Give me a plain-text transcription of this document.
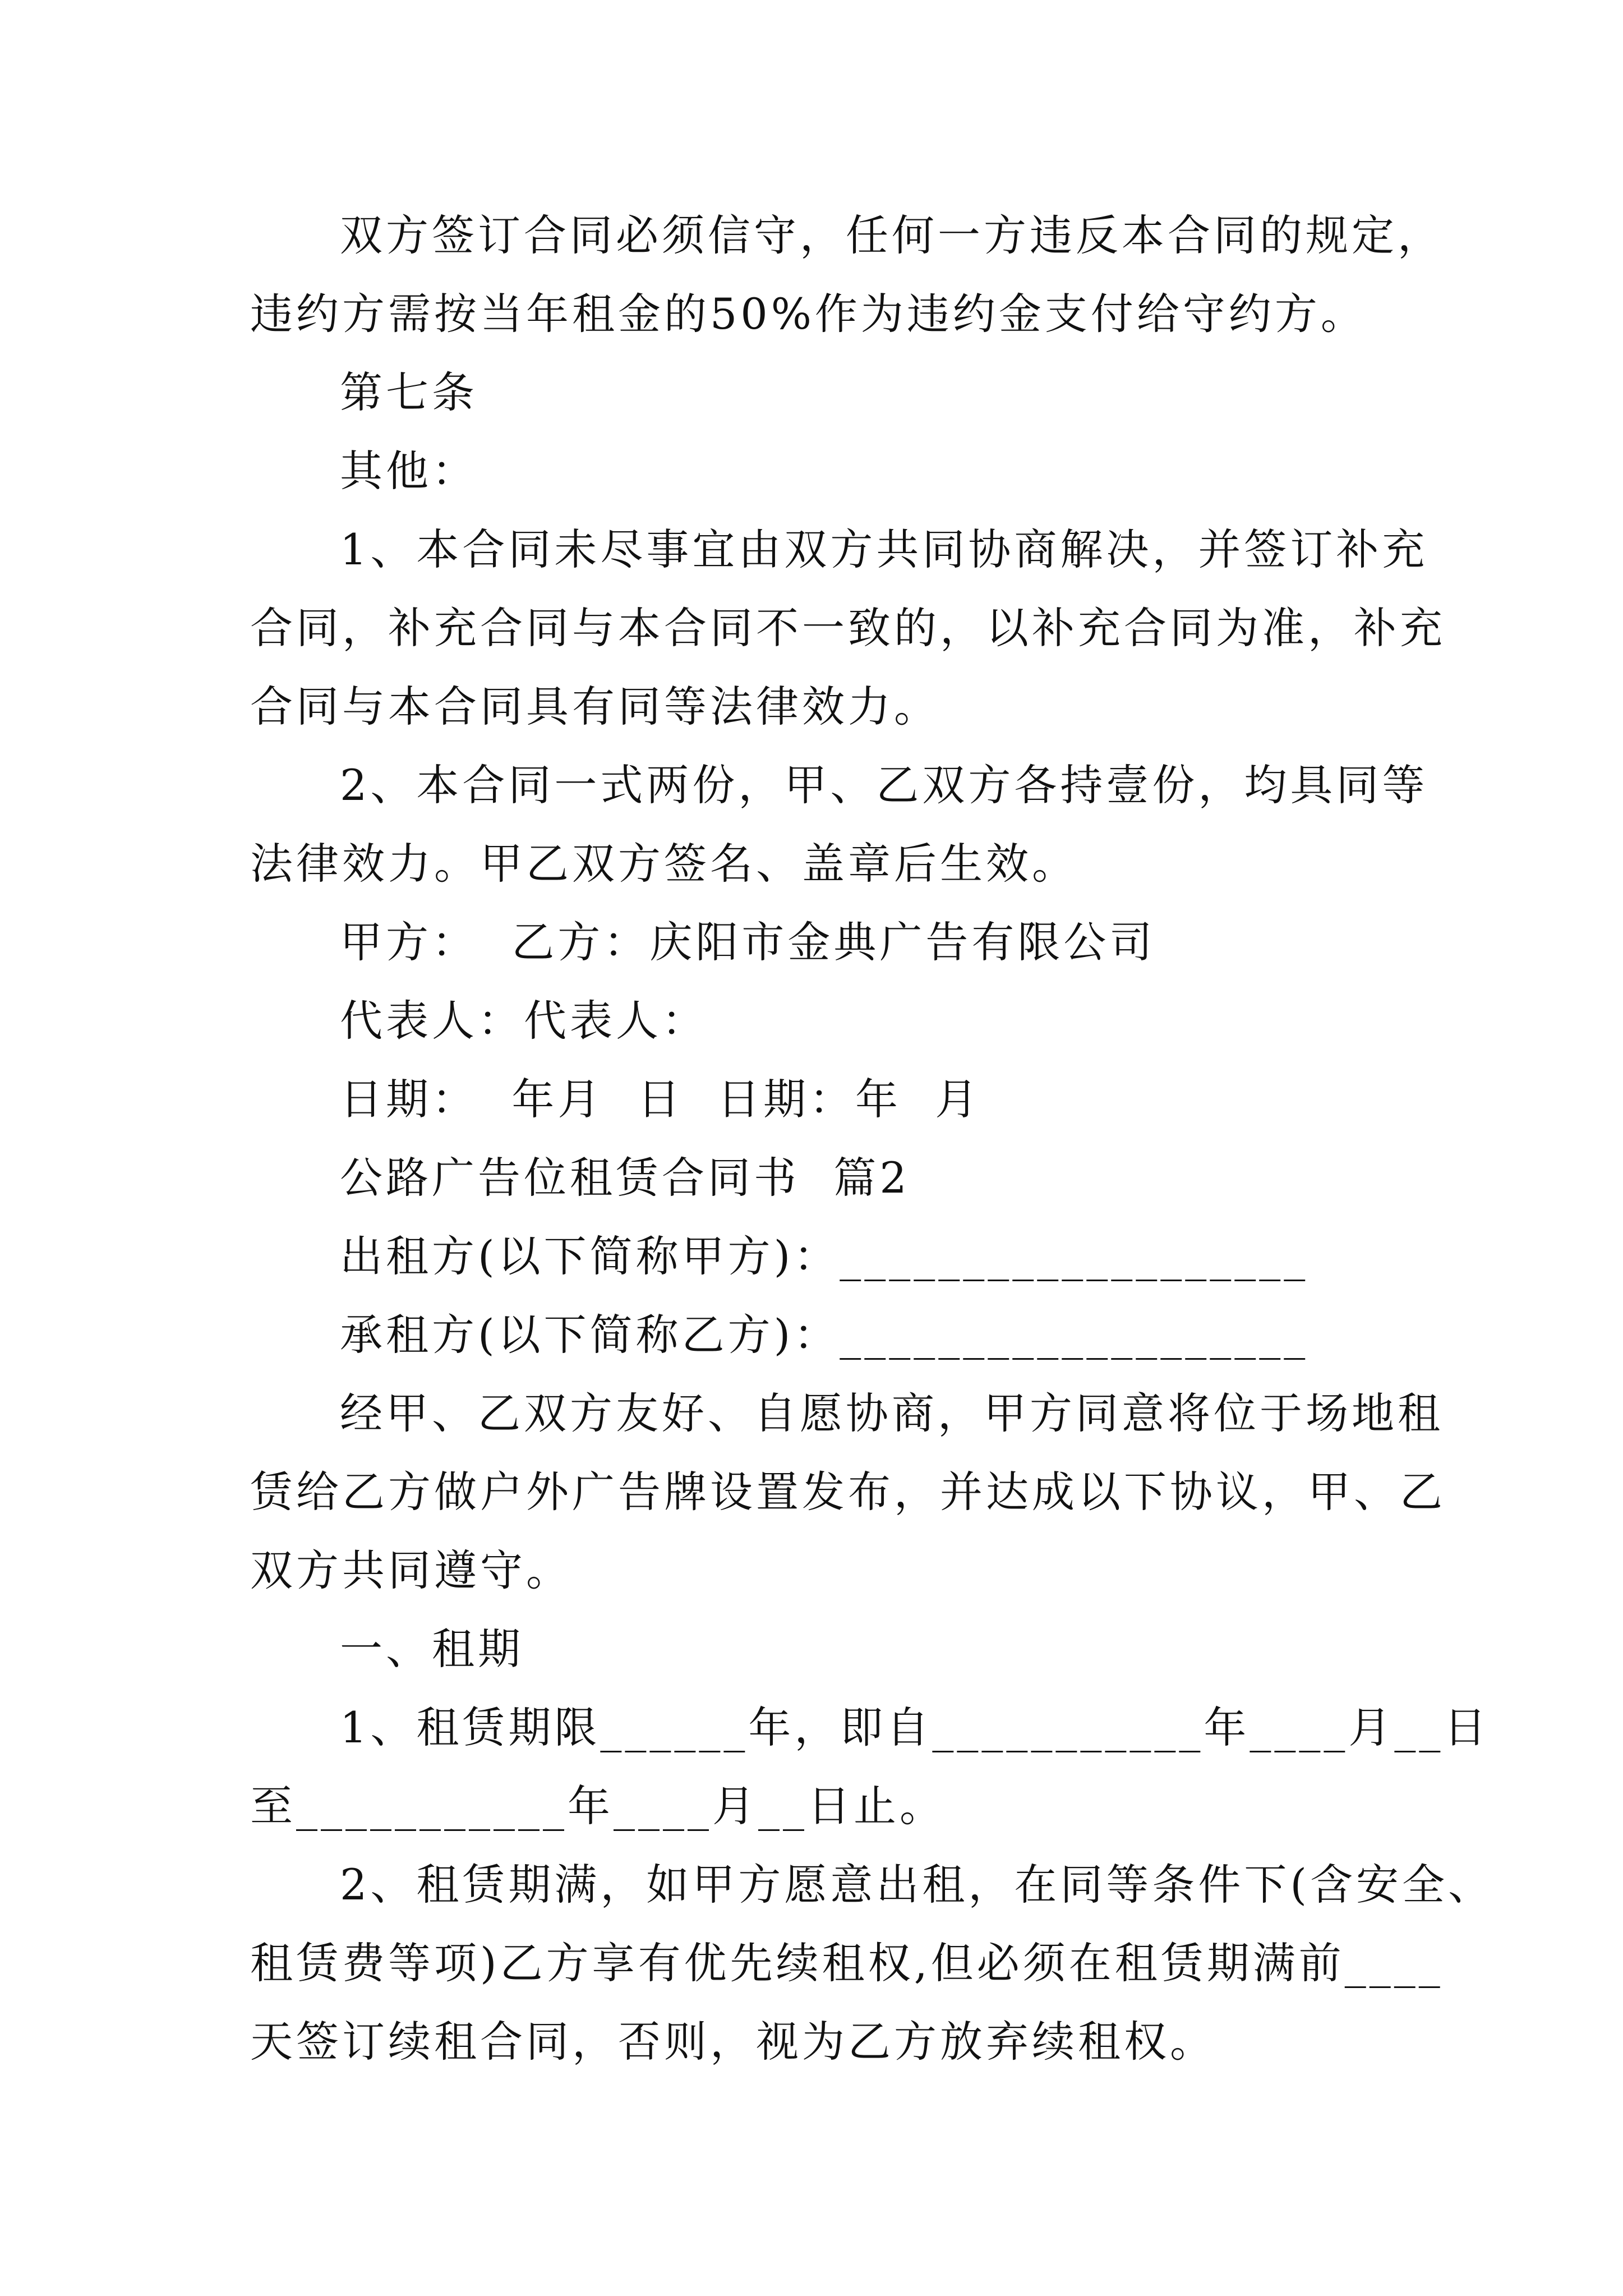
双方签订合同必须信守，任何一方违反本合同的规定，
违约方需按当年租金的50%作为违约金支付给守约方。
第七条
其他：
1、本合同未尽事宜由双方共同协商解决，并签订补充
合同，补充合同与本合同不一致的，以补充合同为准，补充
合同与本合同具有同等法律效力。
2、本合同一式两份，甲、乙双方各持壹份，均具同等
法律效力。甲乙双方签名、盖章后生效。
甲方：  乙方：庆阳市金典广告有限公司
代表人：代表人：
日期：  年月  日  日期：年  月
公路广告位租赁合同书  篇2
出租方(以下简称甲方)：___________________
承租方(以下简称乙方)：___________________
经甲、乙双方友好、自愿协商，甲方同意将位于场地租
赁给乙方做户外广告牌设置发布，并达成以下协议，甲、乙
双方共同遵守。
一、租期
1、租赁期限______年，即自___________年____月__日
至___________年____月__日止。
2、租赁期满，如甲方愿意出租，在同等条件下(含安全、
租赁费等项)乙方享有优先续租权,但必须在租赁期满前____
天签订续租合同，否则，视为乙方放弃续租权。
